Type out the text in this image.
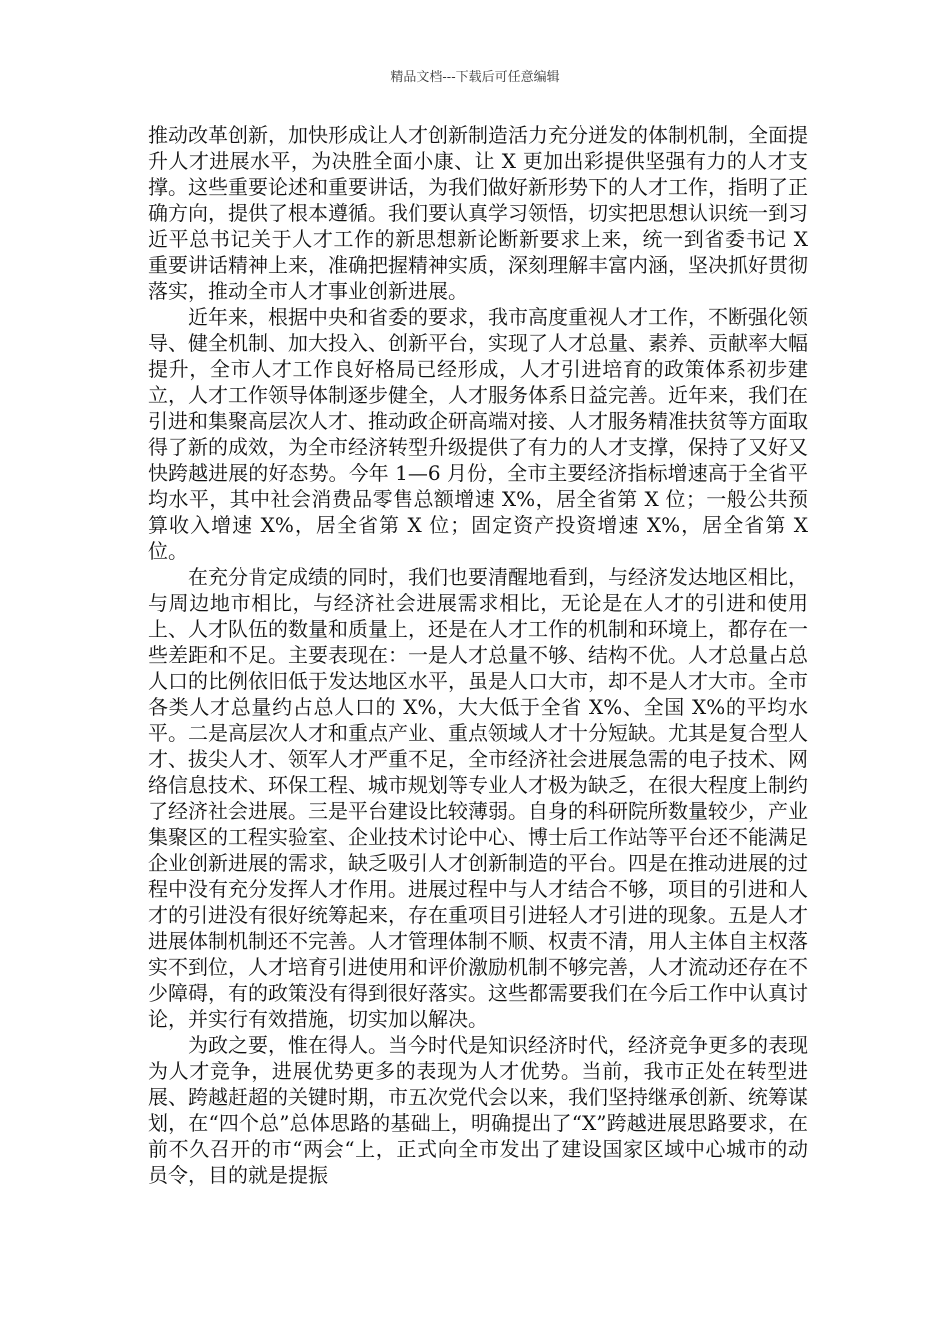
精品文档---下载后可任意编辑

推动改革创新，加快形成让人才创新制造活力充分迸发的体制机制，全面提升人才进展水平，为决胜全面小康、让 X 更加出彩提供坚强有力的人才支撑。这些重要论述和重要讲话，为我们做好新形势下的人才工作，指明了正确方向，提供了根本遵循。我们要认真学习领悟，切实把思想认识统一到习近平总书记关于人才工作的新思想新论断新要求上来，统一到省委书记 X 重要讲话精神上来，准确把握精神实质，深刻理解丰富内涵，坚决抓好贯彻落实，推动全市人才事业创新进展。

近年来，根据中央和省委的要求，我市高度重视人才工作，不断强化领导、健全机制、加大投入、创新平台，实现了人才总量、素养、贡献率大幅提升，全市人才工作良好格局已经形成，人才引进培育的政策体系初步建立，人才工作领导体制逐步健全，人才服务体系日益完善。近年来，我们在引进和集聚高层次人才、推动政企研高端对接、人才服务精准扶贫等方面取得了新的成效，为全市经济转型升级提供了有力的人才支撑，保持了又好又快跨越进展的好态势。今年 1—6 月份，全市主要经济指标增速高于全省平均水平，其中社会消费品零售总额增速 X%，居全省第 X 位；一般公共预算收入增速 X%，居全省第 X 位；固定资产投资增速 X%，居全省第 X 位。

在充分肯定成绩的同时，我们也要清醒地看到，与经济发达地区相比，与周边地市相比，与经济社会进展需求相比，无论是在人才的引进和使用上、人才队伍的数量和质量上，还是在人才工作的机制和环境上，都存在一些差距和不足。主要表现在：一是人才总量不够、结构不优。人才总量占总人口的比例依旧低于发达地区水平，虽是人口大市，却不是人才大市。全市各类人才总量约占总人口的 X%，大大低于全省 X%、全国 X%的平均水平。二是高层次人才和重点产业、重点领域人才十分短缺。尤其是复合型人才、拔尖人才、领军人才严重不足，全市经济社会进展急需的电子技术、网络信息技术、环保工程、城市规划等专业人才极为缺乏，在很大程度上制约了经济社会进展。三是平台建设比较薄弱。自身的科研院所数量较少，产业集聚区的工程实验室、企业技术讨论中心、博士后工作站等平台还不能满足企业创新进展的需求，缺乏吸引人才创新制造的平台。四是在推动进展的过程中没有充分发挥人才作用。进展过程中与人才结合不够，项目的引进和人才的引进没有很好统筹起来，存在重项目引进轻人才引进的现象。五是人才进展体制机制还不完善。人才管理体制不顺、权责不清，用人主体自主权落实不到位，人才培育引进使用和评价激励机制不够完善，人才流动还存在不少障碍，有的政策没有得到很好落实。这些都需要我们在今后工作中认真讨论，并实行有效措施，切实加以解决。

为政之要，惟在得人。当今时代是知识经济时代，经济竞争更多的表现为人才竞争，进展优势更多的表现为人才优势。当前，我市正处在转型进展、跨越赶超的关键时期，市五次党代会以来，我们坚持继承创新、统筹谋划，在“四个总”总体思路的基础上，明确提出了“X”跨越进展思路要求，在前不久召开的市“两会“上，正式向全市发出了建设国家区域中心城市的动员令，目的就是提振
